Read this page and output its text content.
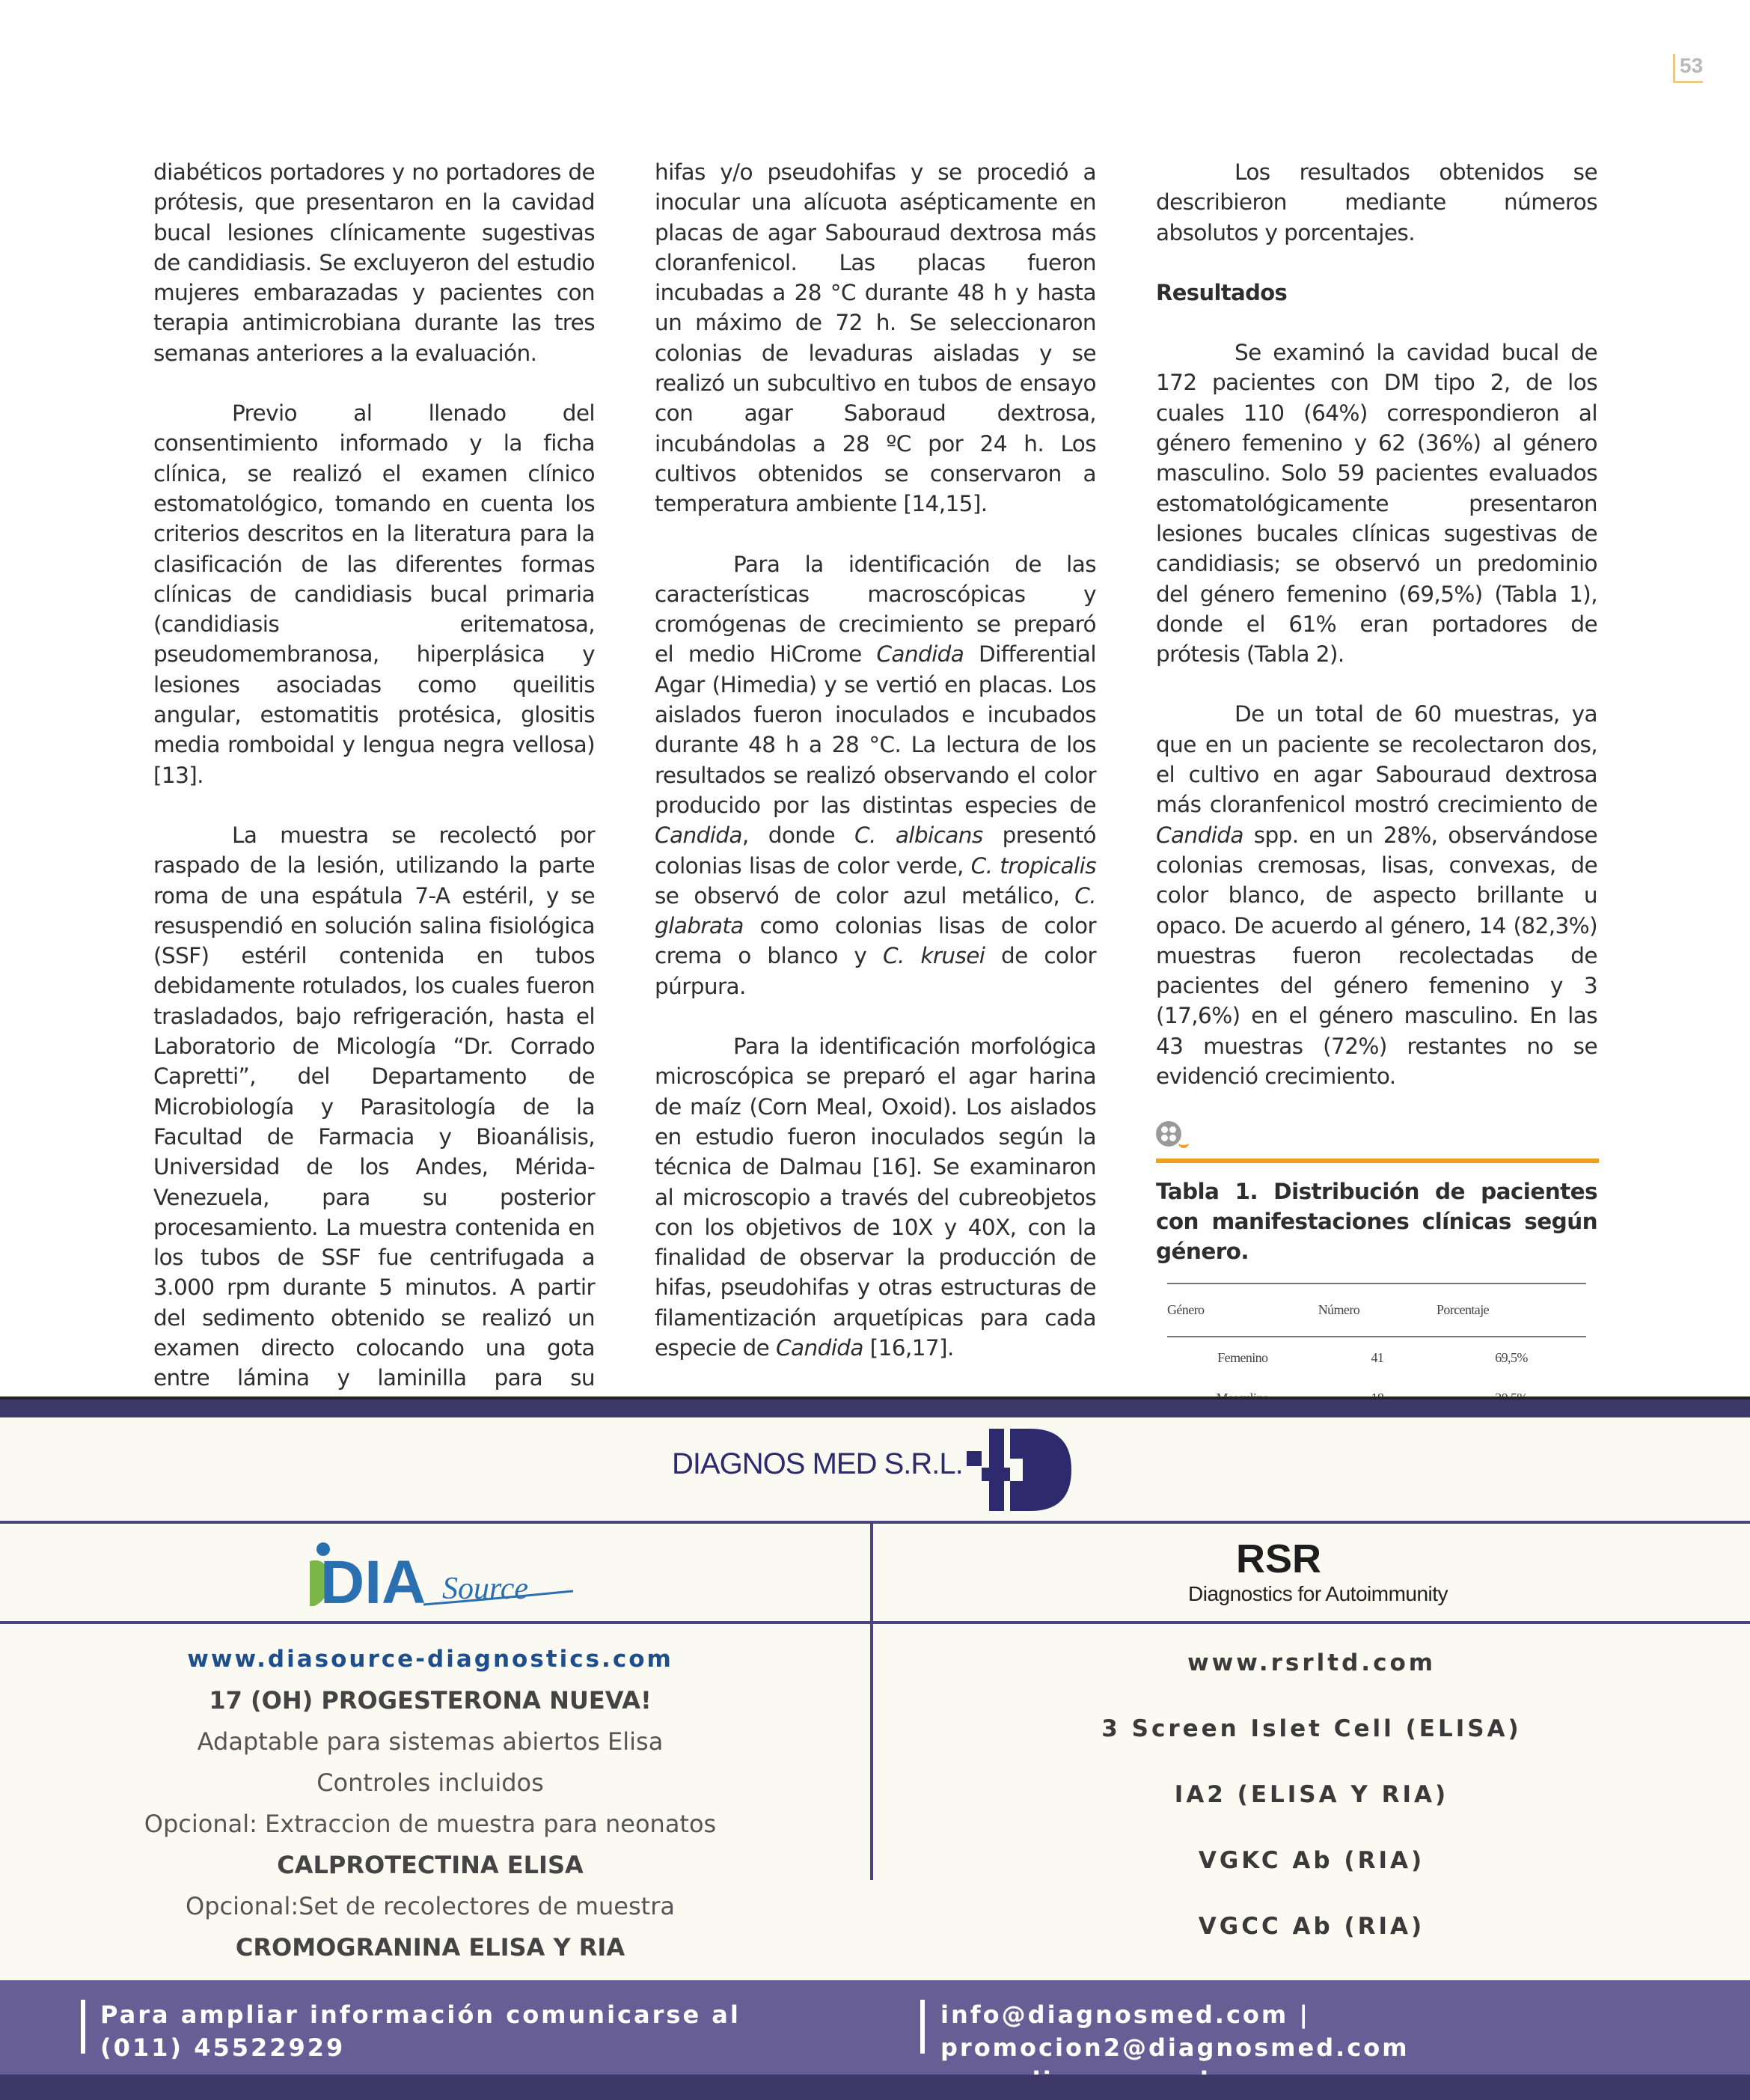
53

diabéticos portadores y no portadores de prótesis, que presentaron en la cavidad bucal lesiones clínicamente sugestivas de candidiasis. Se excluyeron del estudio mujeres embarazadas y pacientes con terapia antimicrobiana durante las tres semanas anteriores a la evaluación.

Previo al llenado del consentimiento informado y la ficha clínica, se realizó el examen clínico estomatológico, tomando en cuenta los criterios descritos en la literatura para la clasificación de las diferentes formas clínicas de candidiasis bucal primaria (candidiasis eritematosa, pseudomembranosa, hiperplásica y lesiones asociadas como queilitis angular, estomatitis protésica, glositis media romboidal y lengua negra vellosa) [13].

La muestra se recolectó por raspado de la lesión, utilizando la parte roma de una espátula 7-A estéril, y se resuspendió en solución salina fisiológica (SSF) estéril contenida en tubos debidamente rotulados, los cuales fueron trasladados, bajo refrigeración, hasta el Laboratorio de Micología “Dr. Corrado Capretti”, del Departamento de Microbiología y Parasitología de la Facultad de Farmacia y Bioanálisis, Universidad de los Andes, Mérida-Venezuela, para su posterior procesamiento. La muestra contenida en los tubos de SSF fue centrifugada a 3.000 rpm durante 5 minutos. A partir del sedimento obtenido se realizó un examen directo colocando una gota entre lámina y laminilla para su

hifas y/o pseudohifas y se procedió a inocular una alícuota asépticamente en placas de agar Sabouraud dextrosa más cloranfenicol. Las placas fueron incubadas a 28 °C durante 48 h y hasta un máximo de 72 h. Se seleccionaron colonias de levaduras aisladas y se realizó un subcultivo en tubos de ensayo con agar Saboraud dextrosa, incubándolas a 28 ºC por 24 h. Los cultivos obtenidos se conservaron a temperatura ambiente [14,15].

Para la identificación de las características macroscópicas y cromógenas de crecimiento se preparó el medio HiCrome Candida Differential Agar (Himedia) y se vertió en placas. Los aislados fueron inoculados e incubados durante 48 h a 28 °C. La lectura de los resultados se realizó observando el color producido por las distintas especies de Candida, donde C. albicans presentó colonias lisas de color verde, C. tropicalis se observó de color azul metálico, C. glabrata como colonias lisas de color crema o blanco y C. krusei de color púrpura.

Para la identificación morfológica microscópica se preparó el agar harina de maíz (Corn Meal, Oxoid). Los aislados en estudio fueron inoculados según la técnica de Dalmau [16]. Se examinaron al microscopio a través del cubreobjetos con los objetivos de 10X y 40X, con la finalidad de observar la producción de hifas, pseudohifas y otras estructuras de filamentización arquetípicas para cada especie de Candida [16,17].

Los resultados obtenidos se describieron mediante números absolutos y porcentajes.

Resultados

Se examinó la cavidad bucal de 172 pacientes con DM tipo 2, de los cuales 110 (64%) correspondieron al género femenino y 62 (36%) al género masculino. Solo 59 pacientes evaluados estomatológicamente presentaron lesiones bucales clínicas sugestivas de candidiasis; se observó un predominio del género femenino (69,5%) (Tabla 1), donde el 61% eran portadores de prótesis (Tabla 2).

De un total de 60 muestras, ya que en un paciente se recolectaron dos, el cultivo en agar Sabouraud dextrosa más cloranfenicol mostró crecimiento de Candida spp. en un 28%, observándose colonias cremosas, lisas, convexas, de color blanco, de aspecto brillante u opaco. De acuerdo al género, 14 (82,3%) muestras fueron recolectadas de pacientes del género femenino y 3 (17,6%) en el género masculino. En las 43 muestras (72%) restantes no se evidenció crecimiento.

Tabla 1. Distribución de pacientes con manifestaciones clínicas según género.
Género	Número	Porcentaje
Femenino	41	69,5%

DIAGNOS MED S.R.L.
DIA Source
RSR
Diagnostics for Autoimmunity
www.diasource-diagnostics.com
17 (OH) PROGESTERONA NUEVA!
Adaptable para sistemas abiertos Elisa
Controles incluidos
Opcional: Extraccion de muestra para neonatos
CALPROTECTINA ELISA
Opcional:Set de recolectores de muestra
CROMOGRANINA ELISA Y RIA
www.rsrltd.com
3 Screen Islet Cell (ELISA)
IA2 (ELISA Y RIA)
VGKC Ab (RIA)
VGCC Ab (RIA)
Para ampliar información comunicarse al
(011) 45522929
info@diagnosmed.com | promocion2@diagnosmed.com
